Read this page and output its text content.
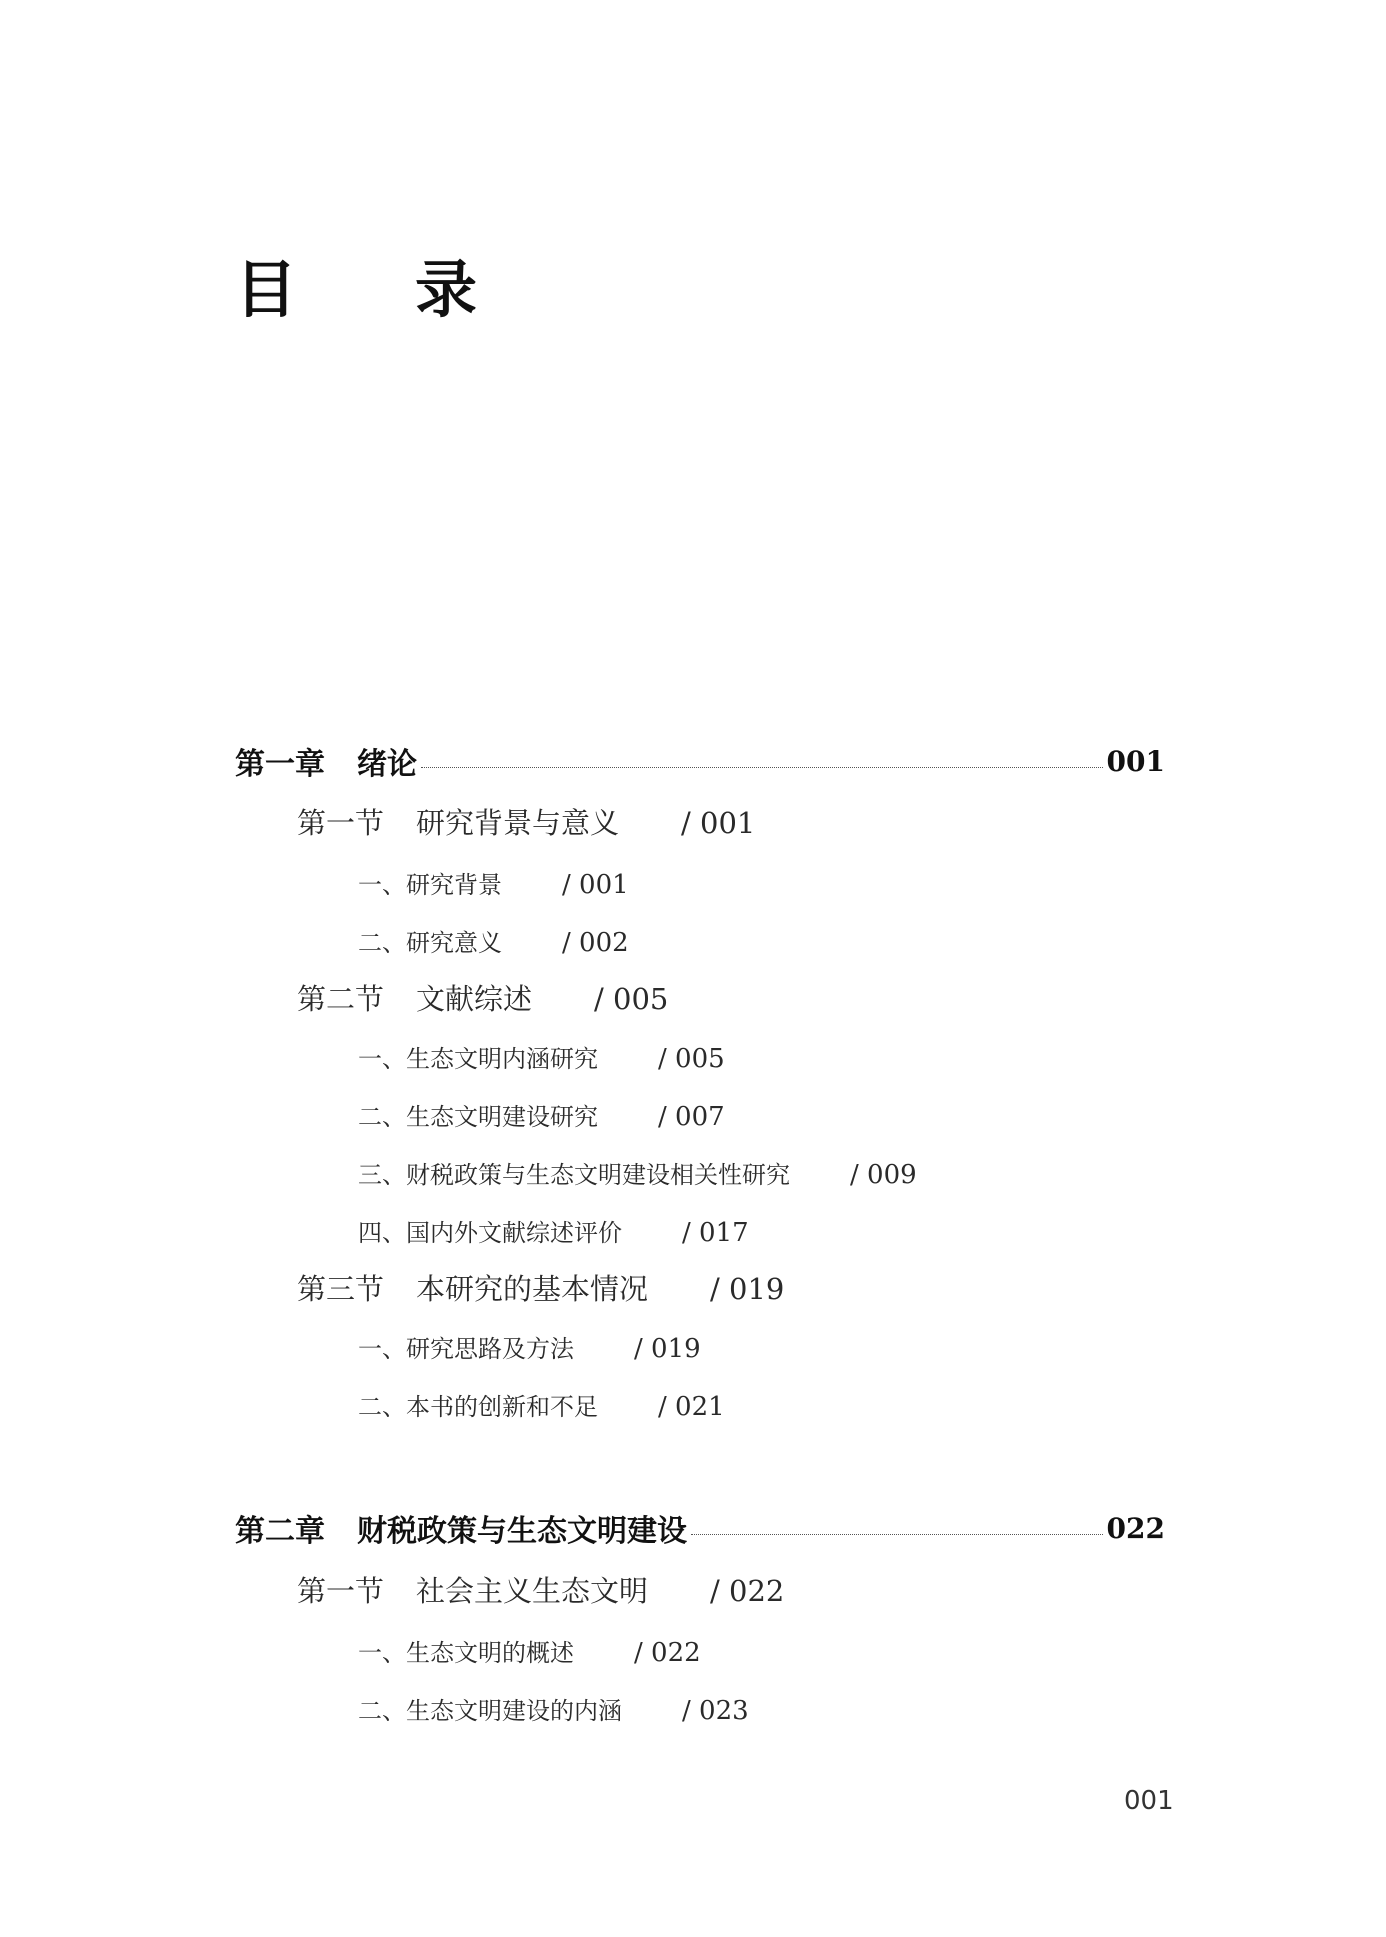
目 录
第一章 绪论	001
第一节 研究背景与意义 / 001
一、研究背景 / 001
二、研究意义 / 002
第二节 文献综述 / 005
一、生态文明内涵研究 / 005
二、生态文明建设研究 / 007
三、财税政策与生态文明建设相关性研究 / 009
四、国内外文献综述评价 / 017
第三节 本研究的基本情况 / 019
一、研究思路及方法 / 019
二、本书的创新和不足 / 021
第二章 财税政策与生态文明建设	022
第一节 社会主义生态文明 / 022
一、生态文明的概述 / 022
二、生态文明建设的内涵 / 023
001
